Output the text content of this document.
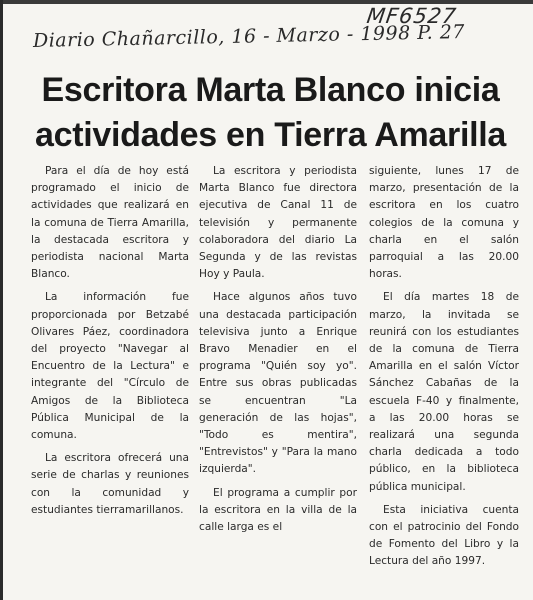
MF6527
Diario Chañarcillo, 16 - Marzo - 1998 P. 27
Escritora Marta Blanco inicia actividades en Tierra Amarilla

Para el día de hoy está programado el inicio de actividades que realizará en la comuna de Tierra Amarilla, la destacada escritora y periodista nacional Marta Blanco.

La información fue proporcionada por Betzabé Olivares Páez, coordinadora del proyecto "Navegar al Encuentro de la Lectura" e integrante del "Círculo de Amigos de la Biblioteca Pública Municipal de la comuna.

La escritora ofrecerá una serie de charlas y reuniones con la comunidad y estudiantes tierramarillanos.

La escritora y periodista Marta Blanco fue directora ejecutiva de Canal 11 de televisión y permanente colaboradora del diario La Segunda y de las revistas Hoy y Paula.

Hace algunos años tuvo una destacada participación televisiva junto a Enrique Bravo Menadier en el programa "Quién soy yo". Entre sus obras publicadas se encuentran "La generación de las hojas", "Todo es mentira", "Entrevistos" y "Para la mano izquierda".

El programa a cumplir por la escritora en la villa de la calle larga es el

siguiente, lunes 17 de marzo, presentación de la escritora en los cuatro colegios de la comuna y charla en el salón parroquial a las 20.00 horas.

El día martes 18 de marzo, la invitada se reunirá con los estudiantes de la comuna de Tierra Amarilla en el salón Víctor Sánchez Cabañas de la escuela F-40 y finalmente, a las 20.00 horas se realizará una segunda charla dedicada a todo público, en la biblioteca pública municipal.

Esta iniciativa cuenta con el patrocinio del Fondo de Fomento del Libro y la Lectura del año 1997.
